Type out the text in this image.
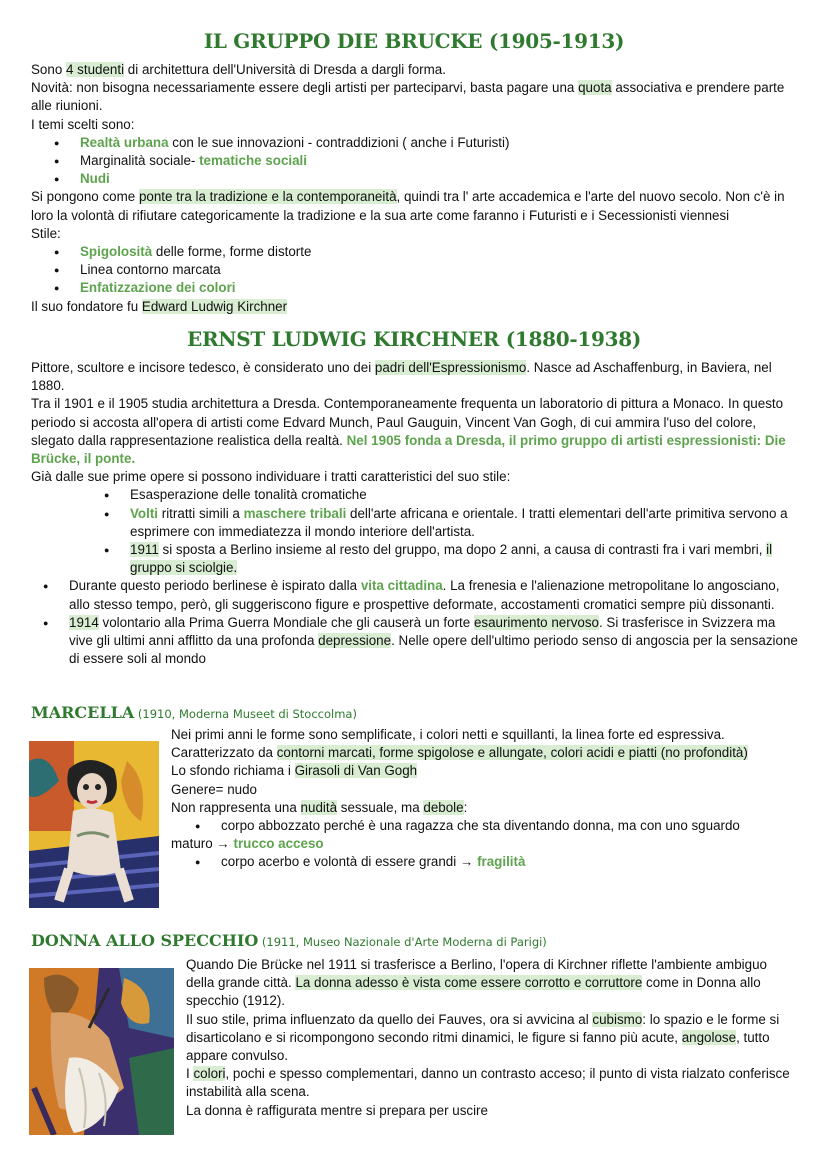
IL GRUPPO DIE BRUCKE (1905-1913)

Sono 4 studenti di architettura dell'Università di Dresda a dargli forma.

Novità: non bisogna necessariamente essere degli artisti per parteciparvi, basta pagare una quota associativa e prendere parte alle riunioni.

I temi scelti sono:

● Realtà urbana con le sue innovazioni - contraddizioni ( anche i Futuristi)
● Marginalità sociale- tematiche sociali
● Nudi

Si pongono come ponte tra la tradizione e la contemporaneità, quindi tra l' arte accademica e l'arte del nuovo secolo. Non c'è in loro la volontà di rifiutare categoricamente la tradizione e la sua arte come faranno i Futuristi e i Secessionisti viennesi

Stile:

● Spigolosità delle forme, forme distorte
● Linea contorno marcata
● Enfatizzazione dei colori

Il suo fondatore fu Edward Ludwig Kirchner

ERNST LUDWIG KIRCHNER (1880-1938)

Pittore, scultore e incisore tedesco, è considerato uno dei padri dell'Espressionismo. Nasce ad Aschaffenburg, in Baviera, nel 1880.

Tra il 1901 e il 1905 studia architettura a Dresda. Contemporaneamente frequenta un laboratorio di pittura a Monaco. In questo periodo si accosta all'opera di artisti come Edvard Munch, Paul Gauguin, Vincent Van Gogh, di cui ammira l'uso del colore, slegato dalla rappresentazione realistica della realtà. Nel 1905 fonda a Dresda, il primo gruppo di artisti espressionisti: Die Brücke, il ponte.

Già dalle sue prime opere si possono individuare i tratti caratteristici del suo stile:

● Esasperazione delle tonalità cromatiche
● Volti ritratti simili a maschere tribali dell'arte africana e orientale. I tratti elementari dell'arte primitiva servono a esprimere con immediatezza il mondo interiore dell'artista.
● 1911 si sposta a Berlino insieme al resto del gruppo, ma dopo 2 anni, a causa di contrasti fra i vari membri, il gruppo si sciolgie.
● Durante questo periodo berlinese è ispirato dalla vita cittadina. La frenesia e l'alienazione metropolitane lo angosciano, allo stesso tempo, però, gli suggeriscono figure e prospettive deformate, accostamenti cromatici sempre più dissonanti.
● 1914 volontario alla Prima Guerra Mondiale che gli causerà un forte esaurimento nervoso. Si trasferisce in Svizzera ma vive gli ultimi anni afflitto da una profonda depressione. Nelle opere dell'ultimo periodo senso di angoscia per la sensazione di essere soli al mondo
MARCELLA (1910, Moderna Museet di Stoccolma)

Nei primi anni le forme sono semplificate, i colori netti e squillanti, la linea forte ed espressiva.

Caratterizzato da contorni marcati, forme spigolose e allungate, colori acidi e piatti (no profondità)

Lo sfondo richiama i Girasoli di Van Gogh

Genere= nudo

Non rappresenta una nudità sessuale, ma debole:

● corpo abbozzato perché è una ragazza che sta diventando donna, ma con uno sguardo

maturo → trucco acceso

● corpo acerbo e volontà di essere grandi → fragilità
DONNA ALLO SPECCHIO (1911, Museo Nazionale d'Arte Moderna di Parigi)

Quando Die Brücke nel 1911 si trasferisce a Berlino, l'opera di Kirchner riflette l'ambiente ambiguo della grande città. La donna adesso è vista come essere corrotto e corruttore come in Donna allo specchio (1912).

Il suo stile, prima influenzato da quello dei Fauves, ora si avvicina al cubismo: lo spazio e le forme si disarticolano e si ricompongono secondo ritmi dinamici, le figure si fanno più acute, angolose, tutto appare convulso.

I colori, pochi e spesso complementari, danno un contrasto acceso; il punto di vista rialzato conferisce instabilità alla scena.

La donna è raffigurata mentre si prepara per uscire
